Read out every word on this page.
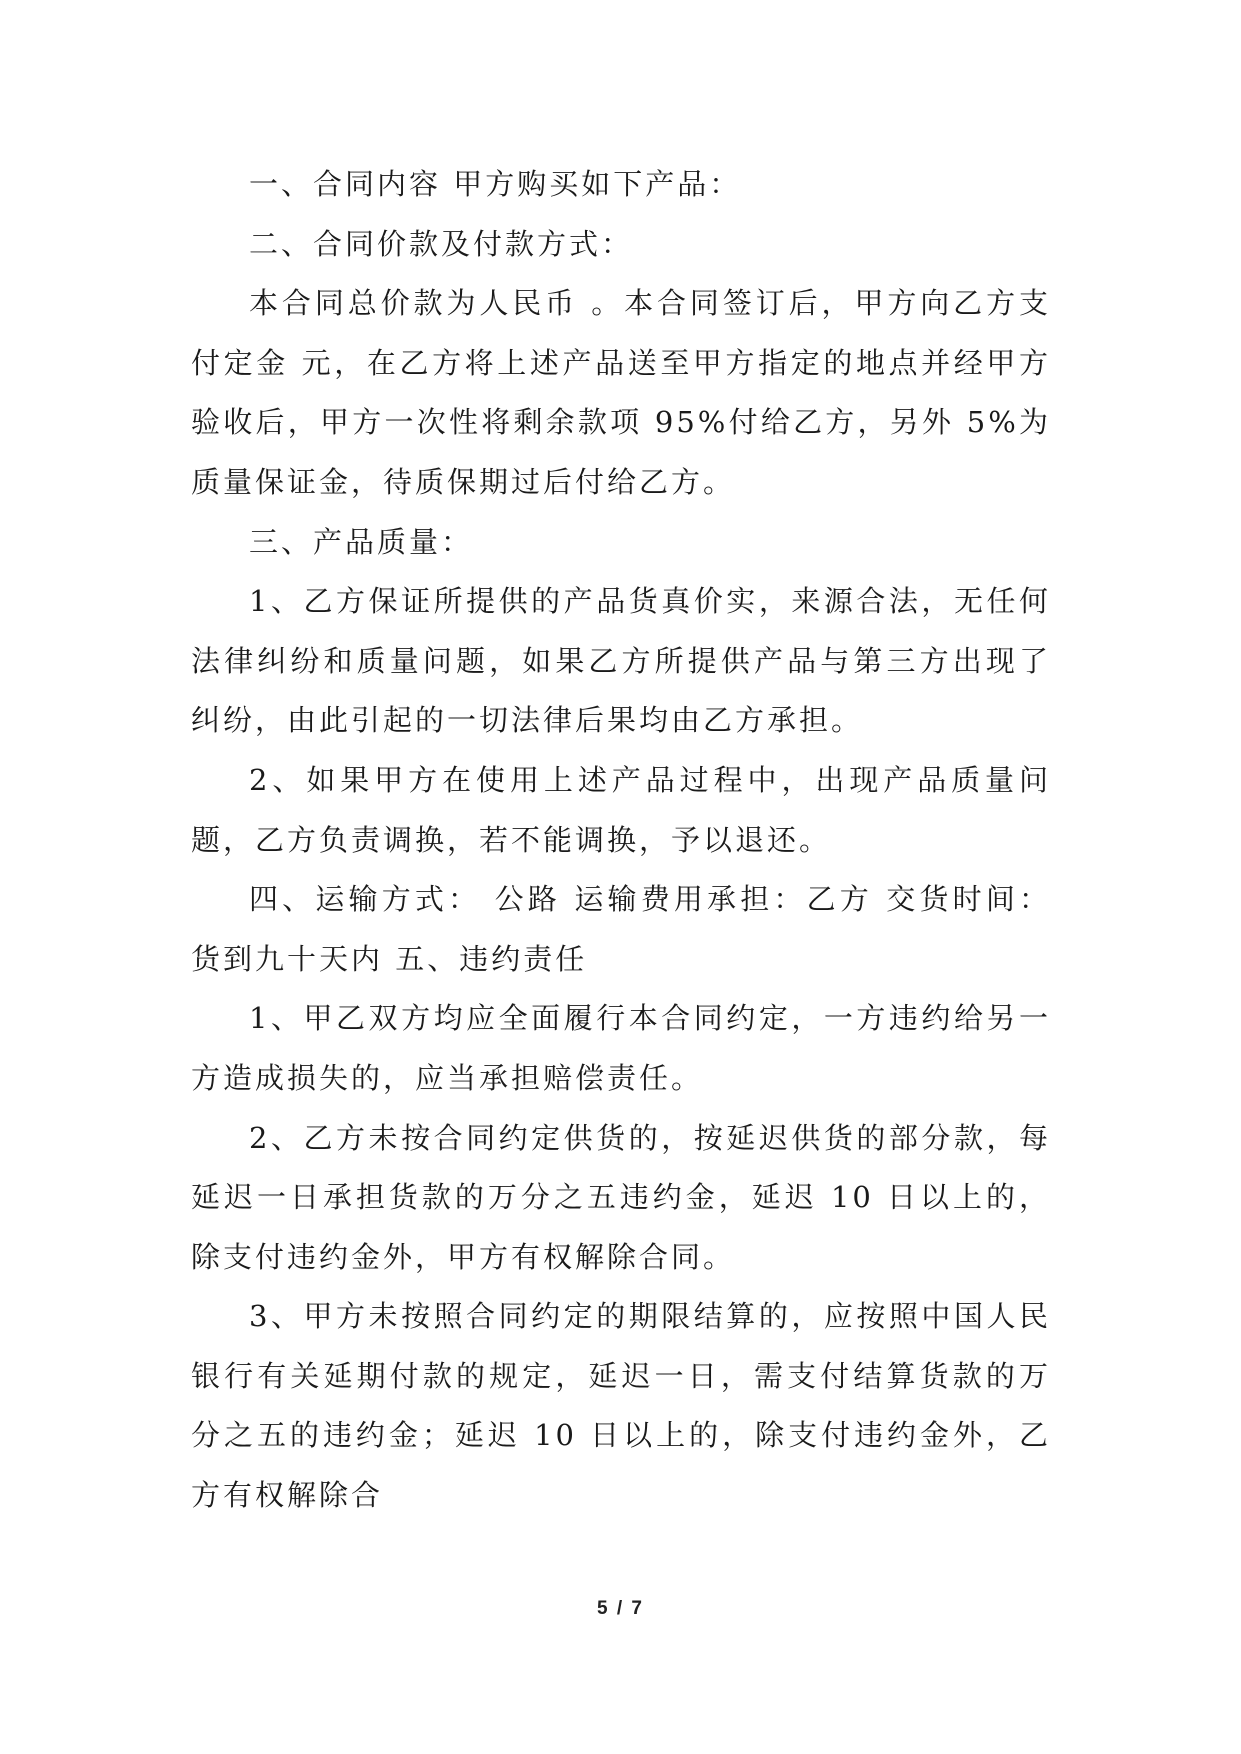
一、合同内容 甲方购买如下产品：

二、合同价款及付款方式：

本合同总价款为人民币 。本合同签订后，甲方向乙方支付定金 元，在乙方将上述产品送至甲方指定的地点并经甲方验收后，甲方一次性将剩余款项 95%付给乙方，另外 5%为质量保证金，待质保期过后付给乙方。

三、产品质量：

1、乙方保证所提供的产品货真价实，来源合法，无任何法律纠纷和质量问题，如果乙方所提供产品与第三方出现了纠纷，由此引起的一切法律后果均由乙方承担。

2、如果甲方在使用上述产品过程中，出现产品质量问题，乙方负责调换，若不能调换，予以退还。

四、运输方式： 公路 运输费用承担：乙方 交货时间：货到九十天内 五、违约责任

1、甲乙双方均应全面履行本合同约定，一方违约给另一方造成损失的，应当承担赔偿责任。

2、乙方未按合同约定供货的，按延迟供货的部分款，每延迟一日承担货款的万分之五违约金，延迟 10 日以上的，除支付违约金外，甲方有权解除合同。

3、甲方未按照合同约定的期限结算的，应按照中国人民银行有关延期付款的规定，延迟一日，需支付结算货款的万分之五的违约金；延迟 10 日以上的，除支付违约金外，乙方有权解除合

5 / 7
